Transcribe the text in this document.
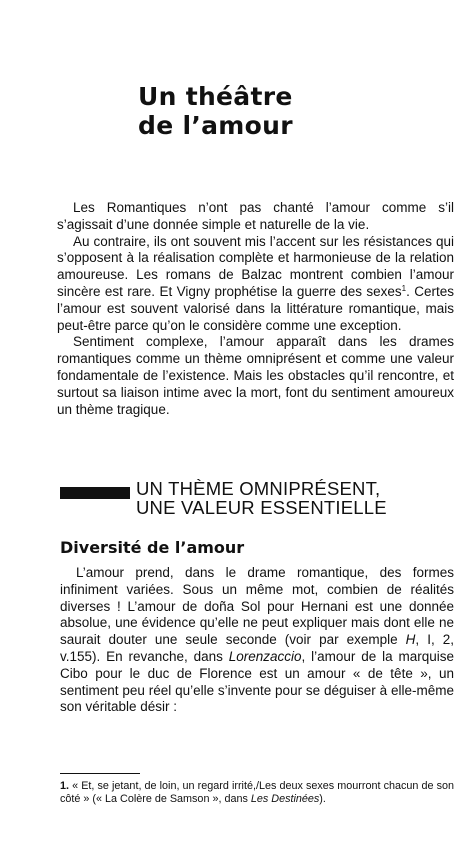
Un théâtre
de l’amour

Les Romantiques n’ont pas chanté l’amour comme s’il s’agissait d’une donnée simple et naturelle de la vie.

Au contraire, ils ont souvent mis l’accent sur les résistances qui s’opposent à la réalisation complète et harmonieuse de la relation amoureuse. Les romans de Balzac montrent combien l’amour sincère est rare. Et Vigny prophétise la guerre des sexes$^1$. Certes l’amour est souvent valorisé dans la littérature romantique, mais peut-être parce qu’on le considère comme une exception.

Sentiment complexe, l’amour apparaît dans les drames romantiques comme un thème omniprésent et comme une valeur fondamentale de l’existence. Mais les obstacles qu’il rencontre, et surtout sa liaison intime avec la mort, font du sentiment amoureux un thème tragique.

UN THÈME OMNIPRÉSENT,
UNE VALEUR ESSENTIELLE
Diversité de l’amour

L’amour prend, dans le drame romantique, des formes infiniment variées. Sous un même mot, combien de réalités diverses ! L’amour de doña Sol pour Hernani est une donnée absolue, une évidence qu’elle ne peut expliquer mais dont elle ne saurait douter une seule seconde (voir par exemple H, I, 2, v.155). En revanche, dans Lorenzaccio, l’amour de la marquise Cibo pour le duc de Florence est un amour « de tête », un sentiment peu réel qu’elle s’invente pour se déguiser à elle-même son véritable désir :

1. « Et, se jetant, de loin, un regard irrité,/Les deux sexes mourront chacun de son côté » (« La Colère de Samson », dans Les Destinées).
